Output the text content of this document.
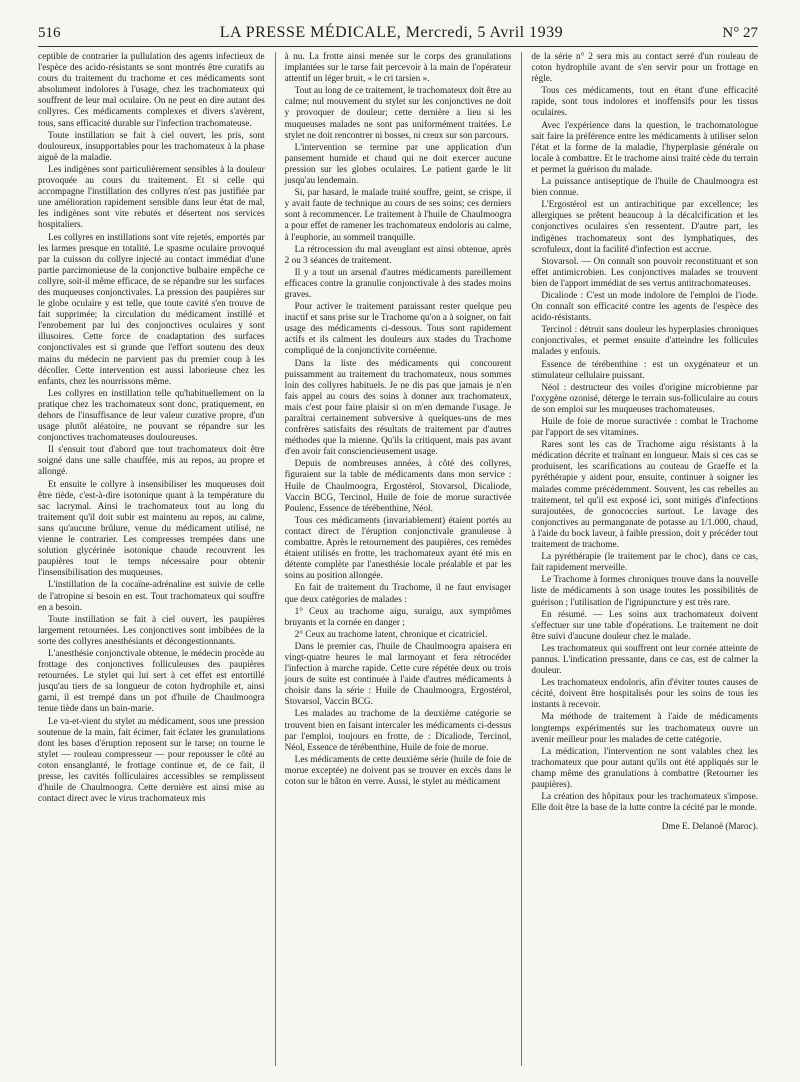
516	LA PRESSE MÉDICALE, Mercredi, 5 Avril 1939	N° 27

ceptible de contrarier la pullulation des agents infectieux de l'espèce des acido-résistants se sont montrés être curatifs au cours du traitement du trachome et ces médicaments sont absolument indolores à l'usage, chez les trachomateux qui souffrent de leur mal oculaire. On ne peut en dire autant des collyres. Ces médicaments complexes et divers s'avèrent, tous, sans efficacité durable sur l'infection trachomateuse.

Toute instillation se fait à ciel ouvert, les pris, sont douloureux, insupportables pour les trachomateux à la phase aiguë de la maladie.

Les indigènes sont particulièrement sensibles à la douleur provoquée au cours du traitement. Et si celle qui accompagne l'instillation des collyres n'est pas justifiée par une amélioration rapidement sensible dans leur état de mal, les indigènes sont vite rebutés et désertent nos services hospitaliers.

Les collyres en instillations sont vite rejetés, emportés par les larmes presque en totalité. Le spasme oculaire provoqué par la cuisson du collyre injecté au contact immédiat d'une partie parcimonieuse de la conjonctive bulbaire empêche ce collyre, soit-il même efficace, de se répandre sur les surfaces des muqueuses conjonctivales. La pression des paupières sur le globe oculaire y est telle, que toute cavité s'en trouve de fait supprimée; la circulation du médicament instillé et l'enrobement par lui des conjonctives oculaires y sont illusoires. Cette force de coadaptation des surfaces conjonctivales est si grande que l'effort soutenu des deux mains du médecin ne parvient pas du premier coup à les décoller. Cette intervention est aussi laborieuse chez les enfants, chez les nourrissons même.

Les collyres en instillation telle qu'habituellement on la pratique chez les trachomateux sont donc, pratiquement, en dehors de l'insuffisance de leur valeur curative propre, d'un usage plutôt aléatoire, ne pouvant se répandre sur les conjonctives trachomateuses douloureuses.

Il s'ensuit tout d'abord que tout trachomateux doit être soigné dans une salle chauffée, mis au repos, au propre et allongé.

Et ensuite le collyre à insensibiliser les muqueuses doit être tiède, c'est-à-dire isotonique quant à la température du sac lacrymal. Ainsi le trachomateux tout au long du traitement qu'il doit subir est maintenu au repos, au calme, sans qu'aucune brûlure, venue du médicament utilisé, ne vienne le contrarier. Les compresses trempées dans une solution glycérinée isotonique chaude recouvrent les paupières tout le temps nécessaire pour obtenir l'insensibilisation des muqueuses.

L'instillation de la cocaïne-adrénaline est suivie de celle de l'atropine si besoin en est. Tout trachomateux qui souffre en a besoin.

Toute instillation se fait à ciel ouvert, les paupières largement retournées. Les conjonctives sont imbibées de la sorte des collyres anesthésiants et décongestionnants.

L'anesthésie conjonctivale obtenue, le médecin procède au frottage des conjonctives folliculeuses des paupières retournées. Le stylet qui lui sert à cet effet est entortillé jusqu'au tiers de sa longueur de coton hydrophile et, ainsi garni, il est trempé dans un pot d'huile de Chaulmoogra tenue tiède dans un bain-marie.

Le va-et-vient du stylet au médicament, sous une pression soutenue de la main, fait écimer, fait éclater les granulations dont les bases d'éruption reposent sur le tarse; on tourne le stylet — rouleau compresseur — pour repousser le côté au coton ensanglanté, le frottage continue et, de ce fait, il presse, les cavités folliculaires accessibles se remplissent d'huile de Chaulmoogra. Cette dernière est ainsi mise au contact direct avec le virus trachomateux mis

à nu. La frotte ainsi menée sur le corps des granulations implantées sur le tarse fait percevoir à la main de l'opérateur attentif un léger bruit, « le cri tarsien ».

Tout au long de ce traitement, le trachomateux doit être au calme; nul mouvement du stylet sur les conjonctives ne doit y provoquer de douleur; cette dernière a lieu si les muqueuses malades ne sont pas uniformément traitées. Le stylet ne doit rencontrer ni bosses, ni creux sur son parcours.

L'intervention se termine par une application d'un pansement humide et chaud qui ne doit exercer aucune pression sur les globes oculaires. Le patient garde le lit jusqu'au lendemain.

Si, par hasard, le malade traité souffre, geint, se crispe, il y avait faute de technique au cours de ses soins; ces derniers sont à recommencer. Le traitement à l'huile de Chaulmoogra a pour effet de ramener les trachomateux endoloris au calme, à l'euphorie, au sommeil tranquille.

La rétrocession du mal aveuglant est ainsi obtenue, après 2 ou 3 séances de traitement.

Il y a tout un arsenal d'autres médicaments pareillement efficaces contre la granulie conjonctivale à des stades moins graves.

Pour activer le traitement paraissant rester quelque peu inactif et sans prise sur le Trachome qu'on a à soigner, on fait usage des médicaments ci-dessous. Tous sont rapidement actifs et ils calment les douleurs aux stades du Trachome compliqué de la conjonctivite cornéenne.

Dans la liste des médicaments qui concourent puissamment au traitement du trachomateux, nous sommes loin des collyres habituels. Je ne dis pas que jamais je n'en fais appel au cours des soins à donner aux trachomateux, mais c'est pour faire plaisir si on m'en demande l'usage. Je paraîtrai certainement subversive à quelques-uns de mes confrères satisfaits des résultats de traitement par d'autres méthodes que la mienne. Qu'ils la critiquent, mais pas avant d'en avoir fait consciencieusement usage.

Depuis de nombreuses années, à côté des collyres, figuraient sur la table de médicaments dans mon service : Huile de Chaulmoogra, Ergostérol, Stovarsol, Dicaliode, Vaccin BCG, Tercinol, Huile de foie de morue suractivée Poulenc, Essence de térébenthine, Néol.

Tous ces médicaments (invariablement) étaient portés au contact direct de l'éruption conjonctivale granuleuse à combattre. Après le retournement des paupières, ces remèdes étaient utilisés en frotte, les trachomateux ayant été mis en détente complète par l'anesthésie locale préalable et par les soins au position allongée.

En fait de traitement du Trachome, il ne faut envisager que deux catégories de malades :

1° Ceux au trachome aigu, suraigu, aux symptômes bruyants et la cornée en danger ;

2° Ceux au trachome latent, chronique et cicatriciel.

Dans le premier cas, l'huile de Chaulmoogra apaisera en vingt-quatre heures le mal larmoyant et fera rétrocéder l'infection à marche rapide. Cette cure répétée deux ou trois jours de suite est continuée à l'aide d'autres médicaments à choisir dans la série : Huile de Chaulmoogra, Ergostérol, Stovarsol, Vaccin BCG.

Les malades au trachome de la deuxième catégorie se trouvent bien en faisant intercaler les médicaments ci-dessus par l'emploi, toujours en frotte, de : Dicaliode, Tercinol, Néol, Essence de térébenthine, Huile de foie de morue.

Les médicaments de cette deuxième série (huile de foie de morue exceptée) ne doivent pas se trouver en excès dans le coton sur le bâton en verre. Aussi, le stylet au médicament

de la série n° 2 sera mis au contact serré d'un rouleau de coton hydrophile avant de s'en servir pour un frottage en règle.

Tous ces médicaments, tout en étant d'une efficacité rapide, sont tous indolores et inoffensifs pour les tissus oculaires.

Avec l'expérience dans la question, le trachomatologue sait faire la préférence entre les médicaments à utiliser selon l'état et la forme de la maladie, l'hyperplasie générale ou locale à combattre. Et le trachome ainsi traité cède du terrain et permet la guérison du malade.

La puissance antiseptique de l'huile de Chaulmoogra est bien connue.

L'Ergostérol est un antirachitique par excellence; les allergiques se prêtent beaucoup à la décalcification et les conjonctives oculaires s'en ressentent. D'autre part, les indigènes trachomateux sont des lymphatiques, des scrofuleux, dont la facilité d'infection est accrue.

Stovarsol. — On connaît son pouvoir reconstituant et son effet antimicrobien. Les conjonctives malades se trouvent bien de l'apport immédiat de ses vertus antitrachomateuses.

Dicaliode : C'est un mode indolore de l'emploi de l'iode. On connaît son efficacité contre les agents de l'espèce des acido-résistants.

Tercinol : détruit sans douleur les hyperplasies chroniques conjonctivales, et permet ensuite d'atteindre les follicules malades y enfouis.

Essence de térébenthine : est un oxygénateur et un stimulateur cellulaire puissant.

Néol : destructeur des voiles d'origine microbienne par l'oxygène ozonisé, déterge le terrain sus-folliculaire au cours de son emploi sur les muqueuses trachomateuses.

Huile de foie de morue suractivée : combat le Trachome par l'apport de ses vitamines.

Rares sont les cas de Trachome aigu résistants à la médication décrite et traînant en longueur. Mais si ces cas se produisent, les scarifications au couteau de Graeffe et la pyréthérapie y aident pour, ensuite, continuer à soigner les malades comme précédemment. Souvent, les cas rebelles au traitement, tel qu'il est exposé ici, sont mitigés d'infections surajoutées, de gonococcies surtout. Le lavage des conjonctives au permanganate de potasse au 1/1.000, chaud, à l'aide du bock laveur, à faible pression, doit y précéder tout traitement de trachome.

La pyréthérapie (le traitement par le choc), dans ce cas, fait rapidement merveille.

Le Trachome à formes chroniques trouve dans la nouvelle liste de médicaments à son usage toutes les possibilités de guérison ; l'utilisation de l'ignipuncture y est très rare.

En résumé. — Les soins aux trachomateux doivent s'effectuer sur une table d'opérations. Le traitement ne doit être suivi d'aucune douleur chez le malade.

Les trachomateux qui souffrent ont leur cornée atteinte de pannus. L'indication pressante, dans ce cas, est de calmer la douleur.

Les trachomateux endoloris, afin d'éviter toutes causes de cécité, doivent être hospitalisés pour les soins de tous les instants à recevoir.

Ma méthode de traitement à l'aide de médicaments longtemps expérimentés sur les trachomateux ouvre un avenir meilleur pour les malades de cette catégorie.

La médication, l'intervention ne sont valables chez les trachomateux que pour autant qu'ils ont été appliqués sur le champ même des granulations à combattre (Retourner les paupières).

La création des hôpitaux pour les trachomateux s'impose. Elle doit être la base de la lutte contre la cécité par le monde.

Dme E. Delanoë (Maroc).
